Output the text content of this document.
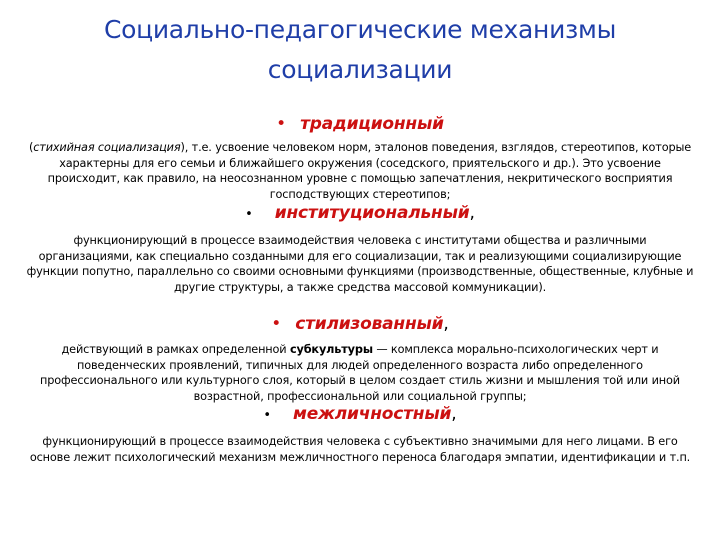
Социально-педагогические механизмы
социализации
• традиционный
(стихийная социализация), т.е. усвоение человеком норм, эталонов поведения, взглядов, стереотипов, которые характерны для его семьи и ближайшего окружения (соседского, приятельского и др.). Это усвоение происходит, как правило, на неосознанном уровне с помощью запечатления, некритического восприятия господствующих стереотипов;
• институциональный ,
функционирующий в процессе взаимодействия человека с институтами общества и различными организациями, как специально созданными для его социализации, так и реализующими социализирующие функции попутно, параллельно со своими основными функциями (производственные, общественные, клубные и другие структуры, а также средства массовой коммуникации).
• стилизованный ,
действующий в рамках определенной субкультуры — комплекса морально-психологических черт и поведенческих проявлений, типичных для людей определенного возраста либо определенного профессионального или культурного слоя, который в целом создает стиль жизни и мышления той или иной возрастной, профессиональной или социальной группы;
• межличностный ,
функционирующий в процессе взаимодействия человека с субъективно значимыми для него лицами. В его основе лежит психологический механизм межличностного переноса благодаря эмпатии, идентификации и т.п.
